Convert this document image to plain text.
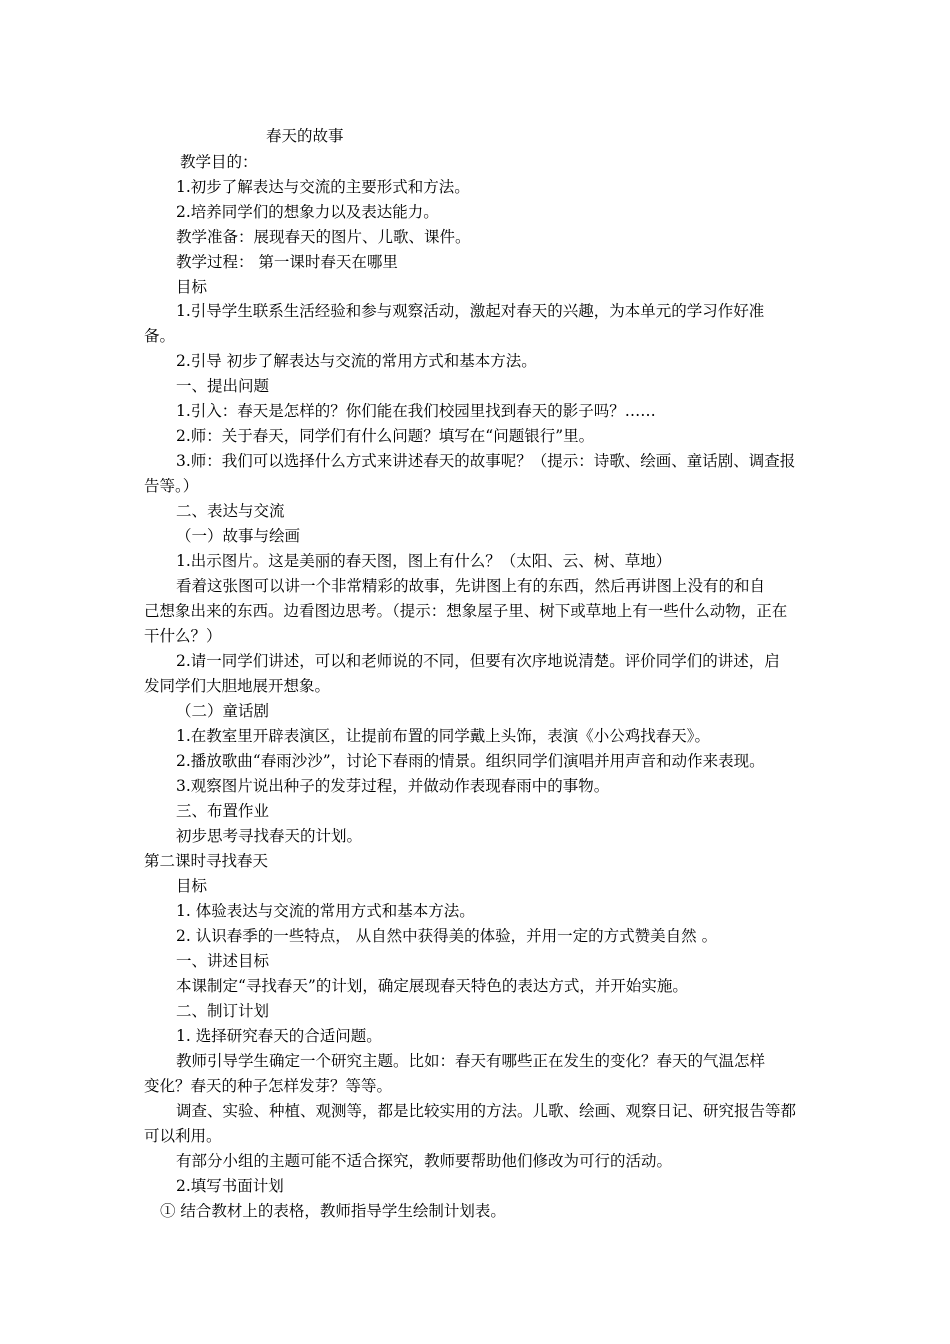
春天的故事
教学目的：
1.初步了解表达与交流的主要形式和方法。
2.培养同学们的想象力以及表达能力。
教学准备：展现春天的图片、儿歌、课件。
教学过程： 第一课时春天在哪里
目标
1.引导学生联系生活经验和参与观察活动，激起对春天的兴趣，为本单元的学习作好准
备。
2.引导 初步了解表达与交流的常用方式和基本方法。
一、提出问题
1.引入：春天是怎样的？你们能在我们校园里找到春天的影子吗？……
2.师：关于春天，同学们有什么问题？填写在“问题银行”里。
3.师：我们可以选择什么方式来讲述春天的故事呢？（提示：诗歌、绘画、童话剧、调查报
告等。）
二、表达与交流
（一）故事与绘画
1.出示图片。这是美丽的春天图，图上有什么？（太阳、云、树、草地）
看着这张图可以讲一个非常精彩的故事，先讲图上有的东西，然后再讲图上没有的和自
己想象出来的东西。边看图边思考。（提示：想象屋子里、树下或草地上有一些什么动物，正在
干什么？）
2.请一同学们讲述，可以和老师说的不同，但要有次序地说清楚。评价同学们的讲述，启
发同学们大胆地展开想象。
（二）童话剧
1.在教室里开辟表演区，让提前布置的同学戴上头饰，表演《小公鸡找春天》。
2.播放歌曲“春雨沙沙”，讨论下春雨的情景。组织同学们演唱并用声音和动作来表现。
3.观察图片说出种子的发芽过程，并做动作表现春雨中的事物。
三、布置作业
初步思考寻找春天的计划。
第二课时寻找春天
目标
1. 体验表达与交流的常用方式和基本方法。
2. 认识春季的一些特点， 从自然中获得美的体验，并用一定的方式赞美自然 。
一、讲述目标
本课制定“寻找春天”的计划，确定展现春天特色的表达方式，并开始实施。
二、制订计划
1. 选择研究春天的合适问题。
教师引导学生确定一个研究主题。比如：春天有哪些正在发生的变化？春天的气温怎样
变化？春天的种子怎样发芽？等等。
调查、实验、种植、观测等，都是比较实用的方法。儿歌、绘画、观察日记、研究报告等都
可以利用。
有部分小组的主题可能不适合探究，教师要帮助他们修改为可行的活动。
2.填写书面计划
① 结合教材上的表格，教师指导学生绘制计划表。
